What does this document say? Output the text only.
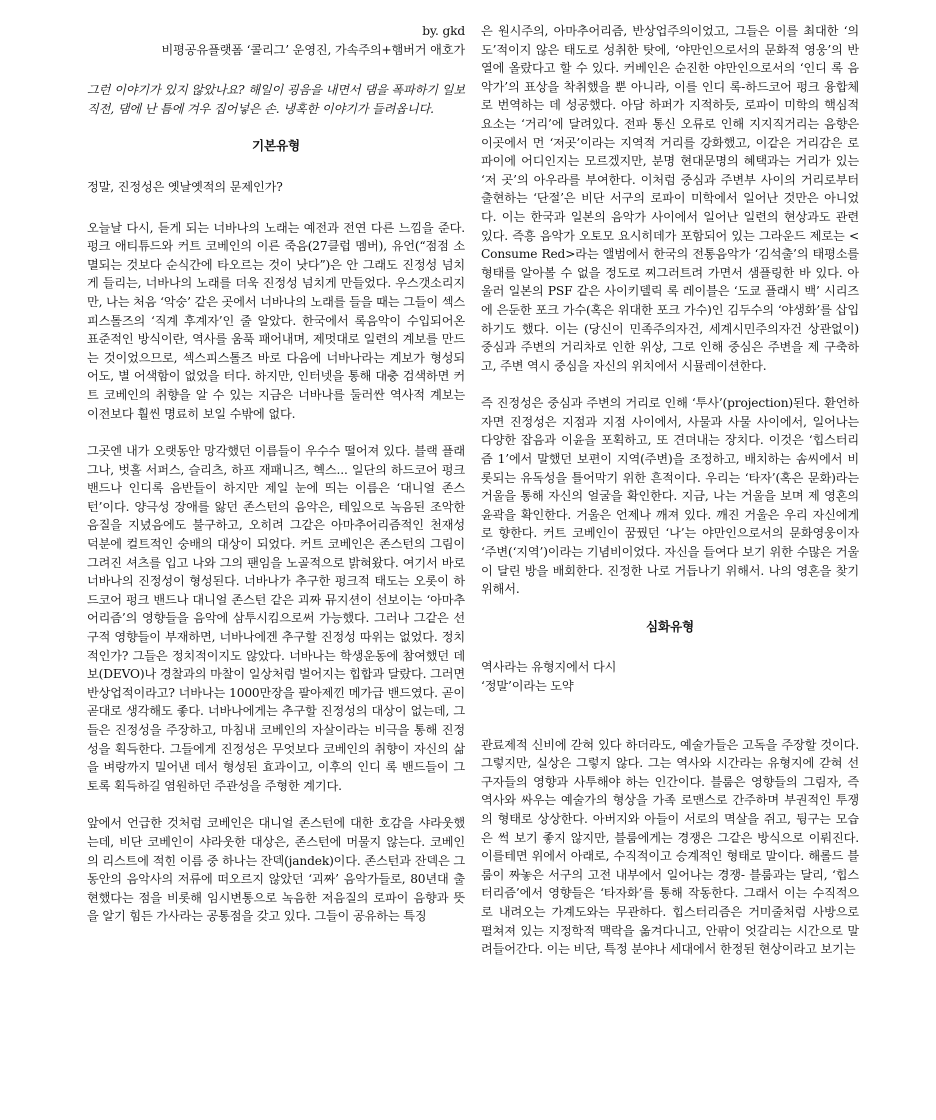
by. gkd
비평공유플랫폼 ‘콜리그’ 운영진, 가속주의+햄버거 애호가

그런 이야기가 있지 않았나요? 해일이 굉음을 내면서 댐을 폭파하기 일보 직전, 댐에 난 틈에 겨우 집어넣은 손. 냉혹한 이야기가 들려옵니다.

기본유형

정말, 진정성은 옛날옛적의 문제인가?

오늘날 다시, 듣게 되는 너바나의 노래는 예전과 전연 다른 느낌을 준다. 펑크 애티튜드와 커트 코베인의 이른 죽음(27클럽 멤버), 유언(“점점 소멸되는 것보다 순식간에 타오르는 것이 낫다”)은 안 그래도 진정성 넘치게 들리는, 너바나의 노래를 더욱 진정성 넘치게 만들었다. 우스갯소리지만, 나는 처음 ‘악숭’ 같은 곳에서 너바나의 노래를 들을 때는 그들이 섹스피스톨즈의 ‘직계 후계자’인 줄 알았다. 한국에서 록음악이 수입되어온 표준적인 방식이란, 역사를 움푹 패어내며, 제멋대로 일련의 계보를 만드는 것이었으므로, 섹스피스톨즈 바로 다음에 너바나라는 계보가 형성되어도, 별 어색함이 없었을 터다. 하지만, 인터넷을 통해 대충 검색하면 커트 코베인의 취향을 알 수 있는 지금은 너바나를 둘러싼 역사적 계보는 이전보다 훨씬 명료히 보일 수밖에 없다.

그곳엔 내가 오랫동안 망각했던 이름들이 우수수 떨어져 있다. 블랙 플래그나, 벗홀 서퍼스, 슬리츠, 하프 재패니즈, 혝스... 일단의 하드코어 펑크 밴드나 인디록 음반들이 하지만 제일 눈에 띄는 이름은 ‘대니얼 존스턴’이다. 양극성 장애를 앓던 존스턴의 음악은, 테잎으로 녹음된 조악한 음질을 지녔음에도 불구하고, 오히려 그같은 아마추어리즘적인 천재성 덕분에 컬트적인 숭배의 대상이 되었다. 커트 코베인은 존스턴의 그림이 그려진 셔츠를 입고 나와 그의 팬임을 노골적으로 밝혀왔다. 여기서 바로 너바나의 진정성이 형성된다. 너바나가 추구한 펑크적 태도는 오롯이 하드코어 펑크 밴드나 대니얼 존스턴 같은 괴짜 뮤지션이 선보이는 ‘아마추어리즘’의 영향들을 음악에 삼투시킴으로써 가능했다. 그러나 그같은 선구적 영향들이 부재하면, 너바나에겐 추구할 진정성 따위는 없었다. 정치적인가? 그들은 정치적이지도 않았다. 너바나는 학생운동에 참여했던 데보(DEVO)나 경찰과의 마찰이 일상처럼 벌어지는 힙합과 달랐다. 그러면 반상업적이라고? 너바나는 1000만장을 팔아제낀 메가급 밴드였다. 곧이 곧대로 생각해도 좋다. 너바나에게는 추구할 진정성의 대상이 없는데, 그들은 진정성을 주장하고, 마침내 코베인의 자살이라는 비극을 통해 진정성을 획득한다. 그들에게 진정성은 무엇보다 코베인의 취향이 자신의 삶을 벼랑까지 밀어낸 데서 형성된 효과이고, 이후의 인디 록 밴드들이 그토록 획득하길 염원하던 주관성을 주형한 계기다.

앞에서 언급한 것처럼 코베인은 대니얼 존스턴에 대한 호감을 샤라웃했는데, 비단 코베인이 샤라웃한 대상은, 존스턴에 머물지 않는다. 코베인의 리스트에 적힌 이름 중 하나는 잔덱(jandek)이다. 존스턴과 잔덱은 그동안의 음악사의 저류에 떠오르지 않았던 ‘괴짜’ 음악가들로, 80년대 출현했다는 점을 비롯해 임시변통으로 녹음한 저음질의 로파이 음향과 뜻을 알기 힘든 가사라는 공통점을 갖고 있다. 그들이 공유하는 특징

은 원시주의, 아마추어리즘, 반상업주의이었고, 그들은 이를 최대한 ‘의도’적이지 않은 태도로 성취한 탓에, ‘야만인으로서의 문화적 영웅’의 반열에 올랐다고 할 수 있다. 커베인은 순진한 야만인으로서의 ‘인디 록 음악가’의 표상을 착취했을 뿐 아니라, 이를 인디 록-하드코어 펑크 융합체로 번역하는 데 성공했다. 아담 하퍼가 지적하듯, 로파이 미학의 핵심적 요소는 ‘거리’에 달려있다. 전파 통신 오류로 인해 지지직거리는 음향은 이곳에서 먼 ‘저곳’이라는 지역적 거리를 강화했고, 이같은 거리감은 로파이에 어디인지는 모르겠지만, 분명 현대문명의 혜택과는 거리가 있는 ‘저 곳’의 아우라를 부여한다. 이처럼 중심과 주변부 사이의 거리로부터 출현하는 ‘단절’은 비단 서구의 로파이 미학에서 일어난 것만은 아니었다. 이는 한국과 일본의 음악가 사이에서 일어난 일련의 현상과도 관련 있다. 즉흥 음악가 오토모 요시히데가 포함되어 있는 그라운드 제로는 <Consume Red>라는 앨범에서 한국의 전통음악가 ‘김석출’의 태평소를 형태를 알아볼 수 없을 정도로 찌그러트려 가면서 샘플링한 바 있다. 아울러 일본의 PSF 같은 사이키델릭 록 레이블은 ‘도쿄 플래시 백’ 시리즈에 은둔한 포크 가수(혹은 위대한 포크 가수)인 김두수의 ‘야생화’를 삽입하기도 했다. 이는 (당신이 민족주의자건, 세계시민주의자건 상관없이) 중심과 주변의 거리차로 인한 위상, 그로 인해 중심은 주변을 제 구축하고, 주변 역시 중심을 자신의 위치에서 시뮬레이션한다.

즉 진정성은 중심과 주변의 거리로 인해 ‘투사’(projection)된다. 환언하자면 진정성은 지점과 지점 사이에서, 사물과 사물 사이에서, 일어나는 다양한 잡음과 이윤을 포획하고, 또 견뎌내는 장치다. 이것은 ‘힙스터리즘 1’에서 말했던 보편이 지역(주변)을 조정하고, 배치하는 솜씨에서 비롯되는 유독성을 틀어막기 위한 흔적이다. 우리는 ‘타자’(혹은 문화)라는 거울을 통해 자신의 얼굴을 확인한다. 지금, 나는 거울을 보며 제 영혼의 윤곽을 확인한다. 거울은 언제나 깨져 있다. 깨진 거울은 우리 자신에게로 향한다. 커트 코베인이 꿈꿨던 ‘나’는 야만인으로서의 문화영웅이자 ‘주변(‘지역’)이라는 기념비이었다. 자신을 들여다 보기 위한 수많은 거울이 달린 방을 배회한다. 진정한 나로 거듭나기 위해서. 나의 영혼을 찾기 위해서.

심화유형

역사라는 유형지에서 다시
‘정말’이라는 도약

관료제적 신비에 갇혀 있다 하더라도, 예술가들은 고독을 주장할 것이다. 그렇지만, 실상은 그렇지 않다. 그는 역사와 시간라는 유형지에 갇혀 선구자들의 영향과 사투해야 하는 인간이다. 블룸은 영향들의 그림자, 즉 역사와 싸우는 예술가의 형상을 가족 로맨스로 간주하며 부권적인 투쟁의 형태로 상상한다. 아버지와 아들이 서로의 멱살을 쥐고, 뒹구는 모습은 썩 보기 좋지 않지만, 블룸에게는 경쟁은 그같은 방식으로 이뤄진다. 이를테면 위에서 아래로, 수직적이고 승계적인 형태로 말이다. 해롤드 블룸이 짜놓은 서구의 고전 내부에서 일어나는 경쟁- 블룸과는 달리, ‘힙스터리즘’에서 영향들은 ‘타자화’를 통해 작동한다. 그래서 이는 수직적으로 내려오는 가계도와는 무관하다. 힙스터리즘은 거미줄처럼 사방으로 펼쳐져 있는 지정학적 맥락을 옮겨다니고, 안팎이 엇갈리는 시간으로 말려들어간다. 이는 비단, 특정 분야나 세대에서 한정된 현상이라고 보기는
